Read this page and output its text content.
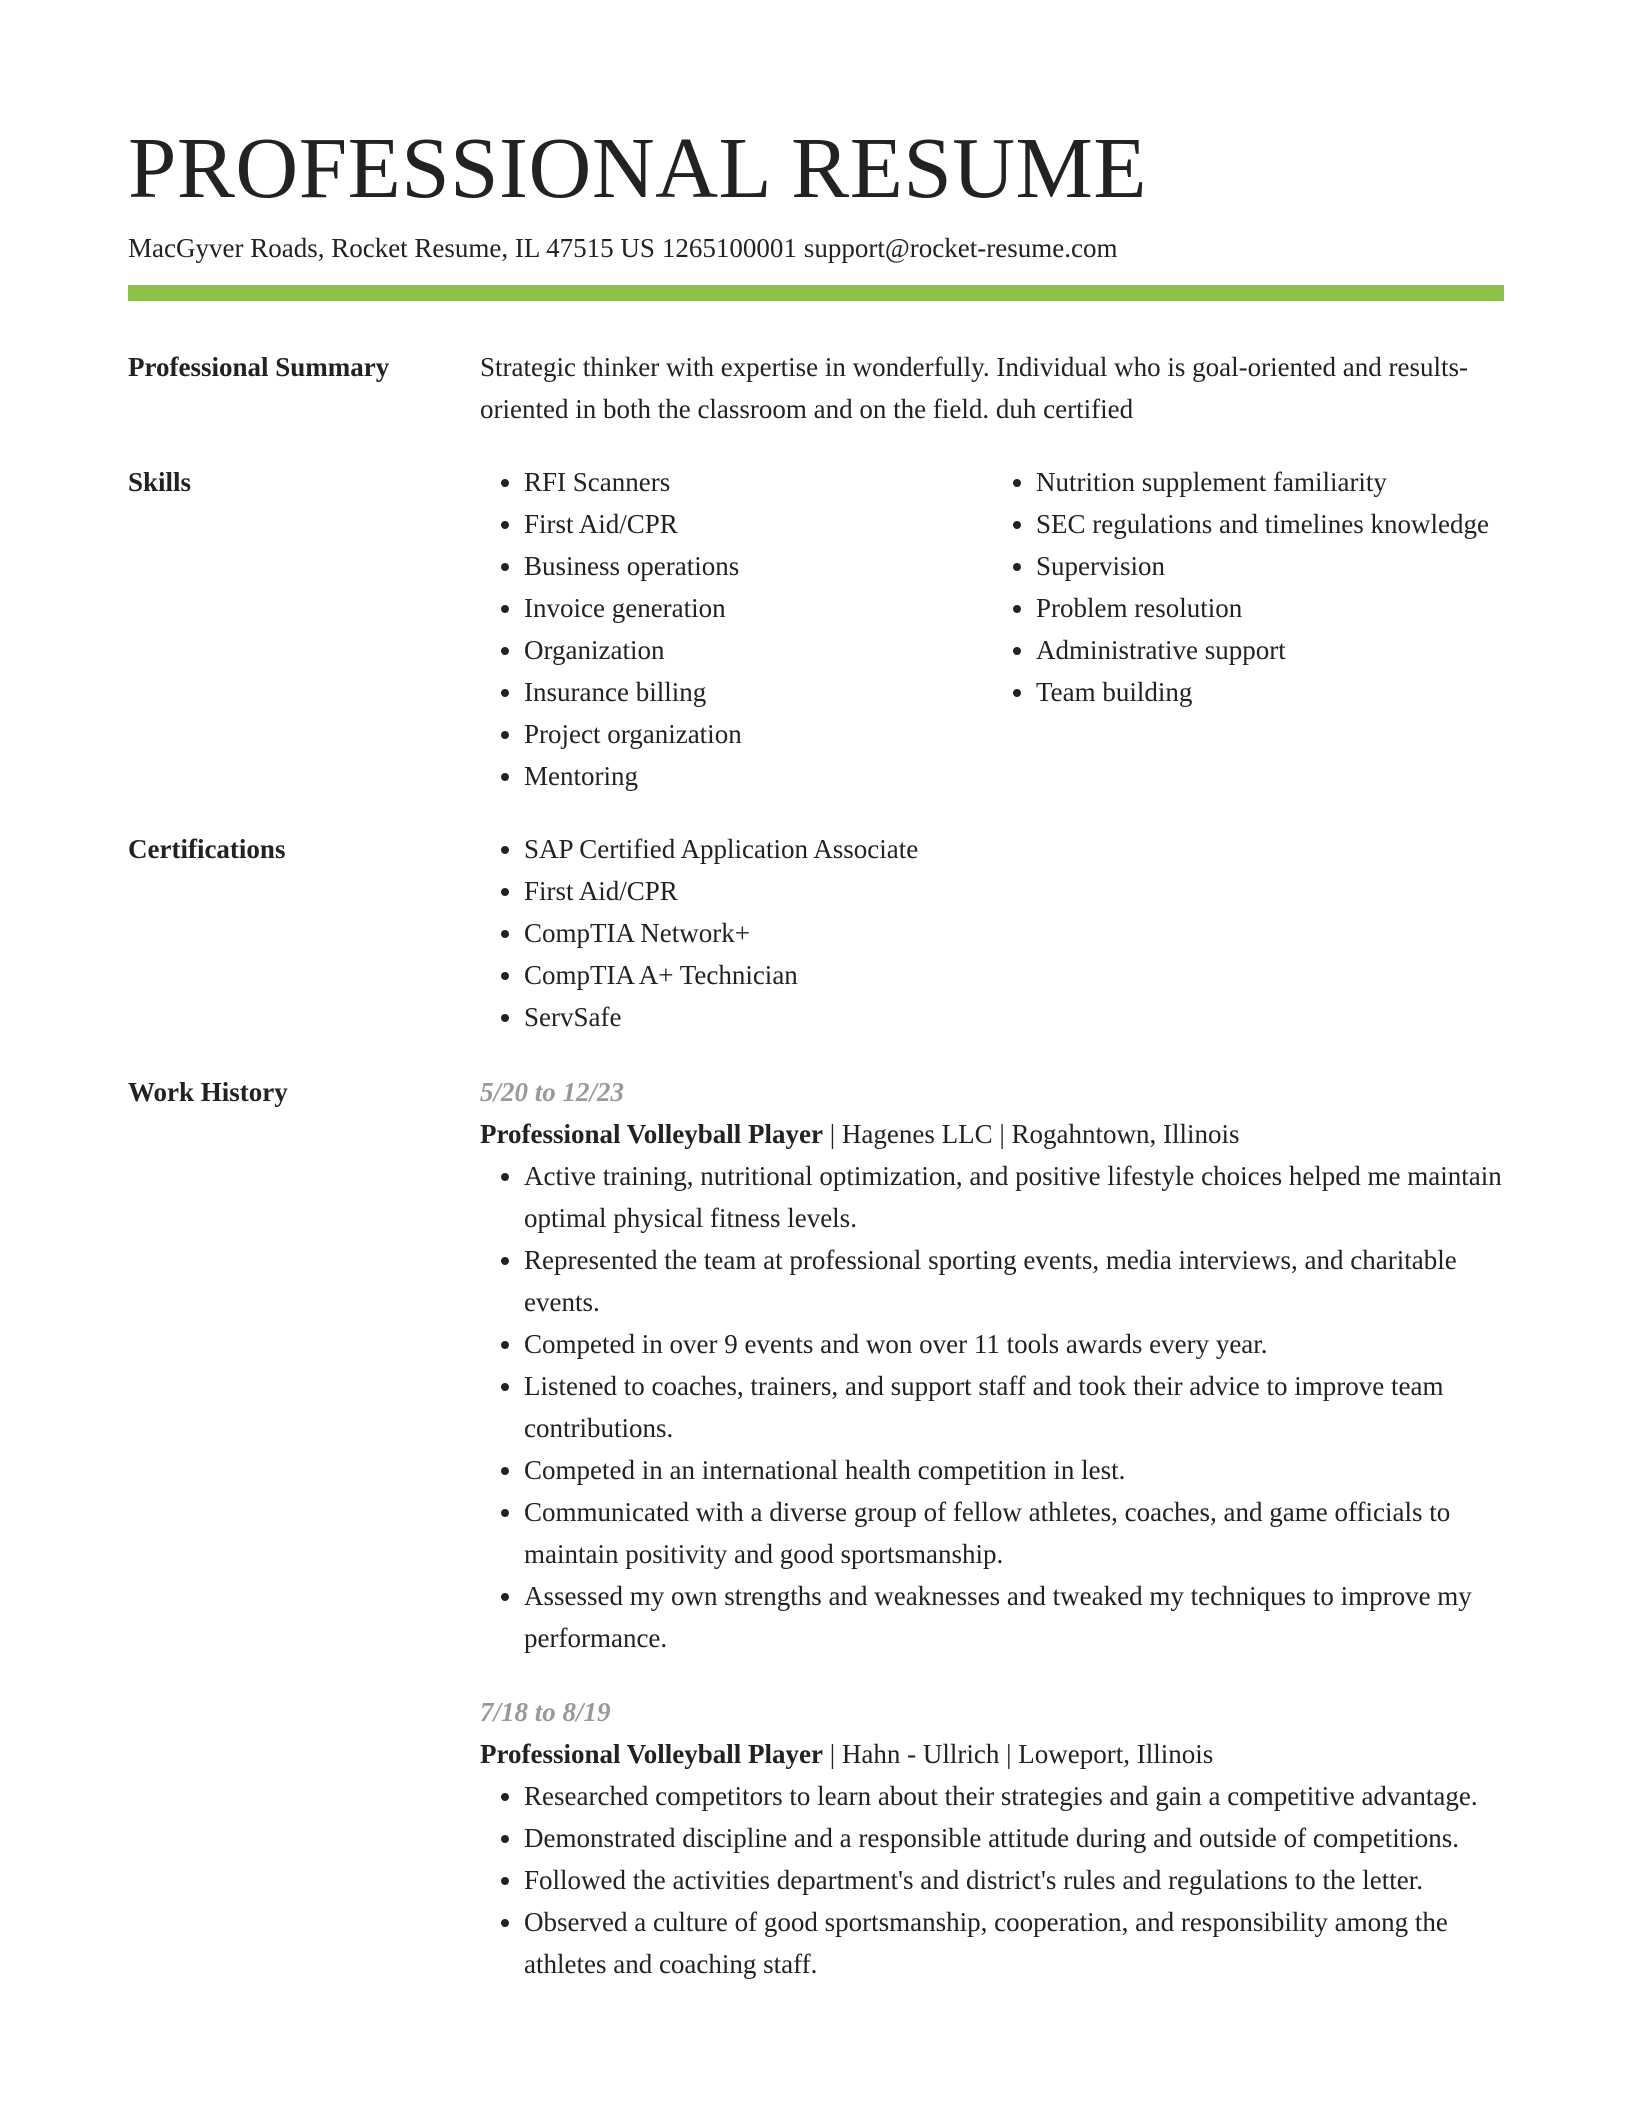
PROFESSIONAL RESUME
MacGyver Roads, Rocket Resume, IL 47515 US 1265100001 support@rocket-resume.com
Professional Summary	Strategic thinker with expertise in wonderfully. Individual who is goal-oriented and results-oriented in both the classroom and on the field. duh certified

Skills	• RFI Scanners
• First Aid/CPR
• Business operations
• Invoice generation
• Organization
• Insurance billing
• Project organization
• Mentoring
• Nutrition supplement familiarity
• SEC regulations and timelines knowledge
• Supervision
• Problem resolution
• Administrative support
• Team building
Certifications	• SAP Certified Application Associate
• First Aid/CPR
• CompTIA Network+
• CompTIA A+ Technician
• ServSafe
Work History	5/20 to 12/23
Professional Volleyball Player | Hagenes LLC | Rogahntown, Illinois
• Active training, nutritional optimization, and positive lifestyle choices helped me maintain optimal physical fitness levels.
• Represented the team at professional sporting events, media interviews, and charitable events.
• Competed in over 9 events and won over 11 tools awards every year.
• Listened to coaches, trainers, and support staff and took their advice to improve team contributions.
• Competed in an international health competition in lest.
• Communicated with a diverse group of fellow athletes, coaches, and game officials to maintain positivity and good sportsmanship.
• Assessed my own strengths and weaknesses and tweaked my techniques to improve my performance.
7/18 to 8/19
Professional Volleyball Player | Hahn - Ullrich | Loweport, Illinois
• Researched competitors to learn about their strategies and gain a competitive advantage.
• Demonstrated discipline and a responsible attitude during and outside of competitions.
• Followed the activities department's and district's rules and regulations to the letter.
• Observed a culture of good sportsmanship, cooperation, and responsibility among the athletes and coaching staff.
